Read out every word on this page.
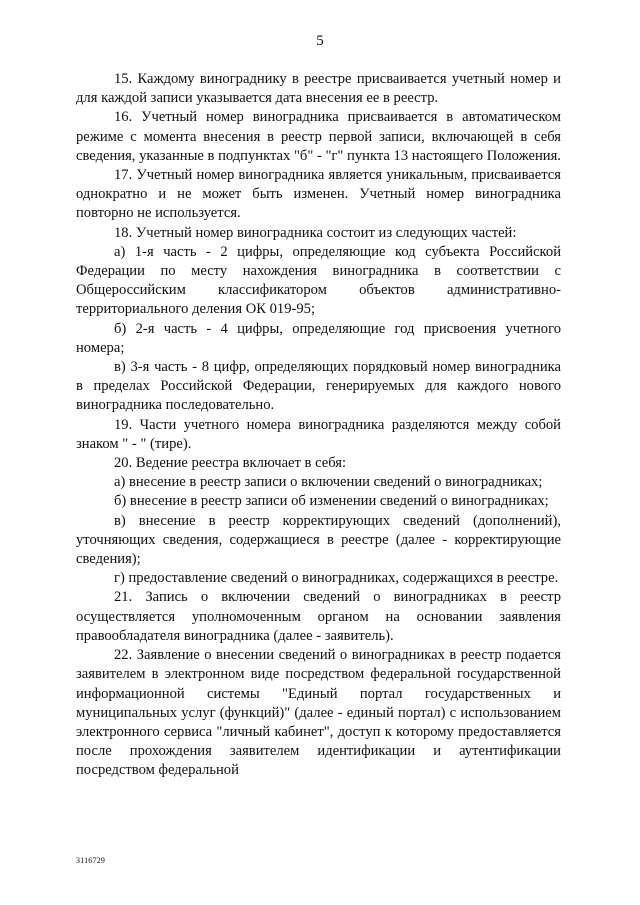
5

15. Каждому винограднику в реестре присваивается учетный номер и для каждой записи указывается дата внесения ее в реестр.

16. Учетный номер виноградника присваивается в автоматическом режиме с момента внесения в реестр первой записи, включающей в себя сведения, указанные в подпунктах "б" - "г" пункта 13 настоящего Положения.

17. Учетный номер виноградника является уникальным, присваивается однократно и не может быть изменен. Учетный номер виноградника повторно не используется.

18. Учетный номер виноградника состоит из следующих частей:

а) 1-я часть - 2 цифры, определяющие код субъекта Российской Федерации по месту нахождения виноградника в соответствии с Общероссийским классификатором объектов административно-территориального деления ОК 019-95;

б) 2-я часть - 4 цифры, определяющие год присвоения учетного номера;

в) 3-я часть - 8 цифр, определяющих порядковый номер виноградника в пределах Российской Федерации, генерируемых для каждого нового виноградника последовательно.

19. Части учетного номера виноградника разделяются между собой знаком " - " (тире).

20. Ведение реестра включает в себя:

а) внесение в реестр записи о включении сведений о виноградниках;

б) внесение в реестр записи об изменении сведений о виноградниках;

в) внесение в реестр корректирующих сведений (дополнений), уточняющих сведения, содержащиеся в реестре (далее - корректирующие сведения);

г) предоставление сведений о виноградниках, содержащихся в реестре.

21. Запись о включении сведений о виноградниках в реестр осуществляется уполномоченным органом на основании заявления правообладателя виноградника (далее - заявитель).

22. Заявление о внесении сведений о виноградниках в реестр подается заявителем в электронном виде посредством федеральной государственной информационной системы "Единый портал государственных и муниципальных услуг (функций)" (далее - единый портал) с использованием электронного сервиса "личный кабинет", доступ к которому предоставляется после прохождения заявителем идентификации и аутентификации посредством федеральной

3116729
